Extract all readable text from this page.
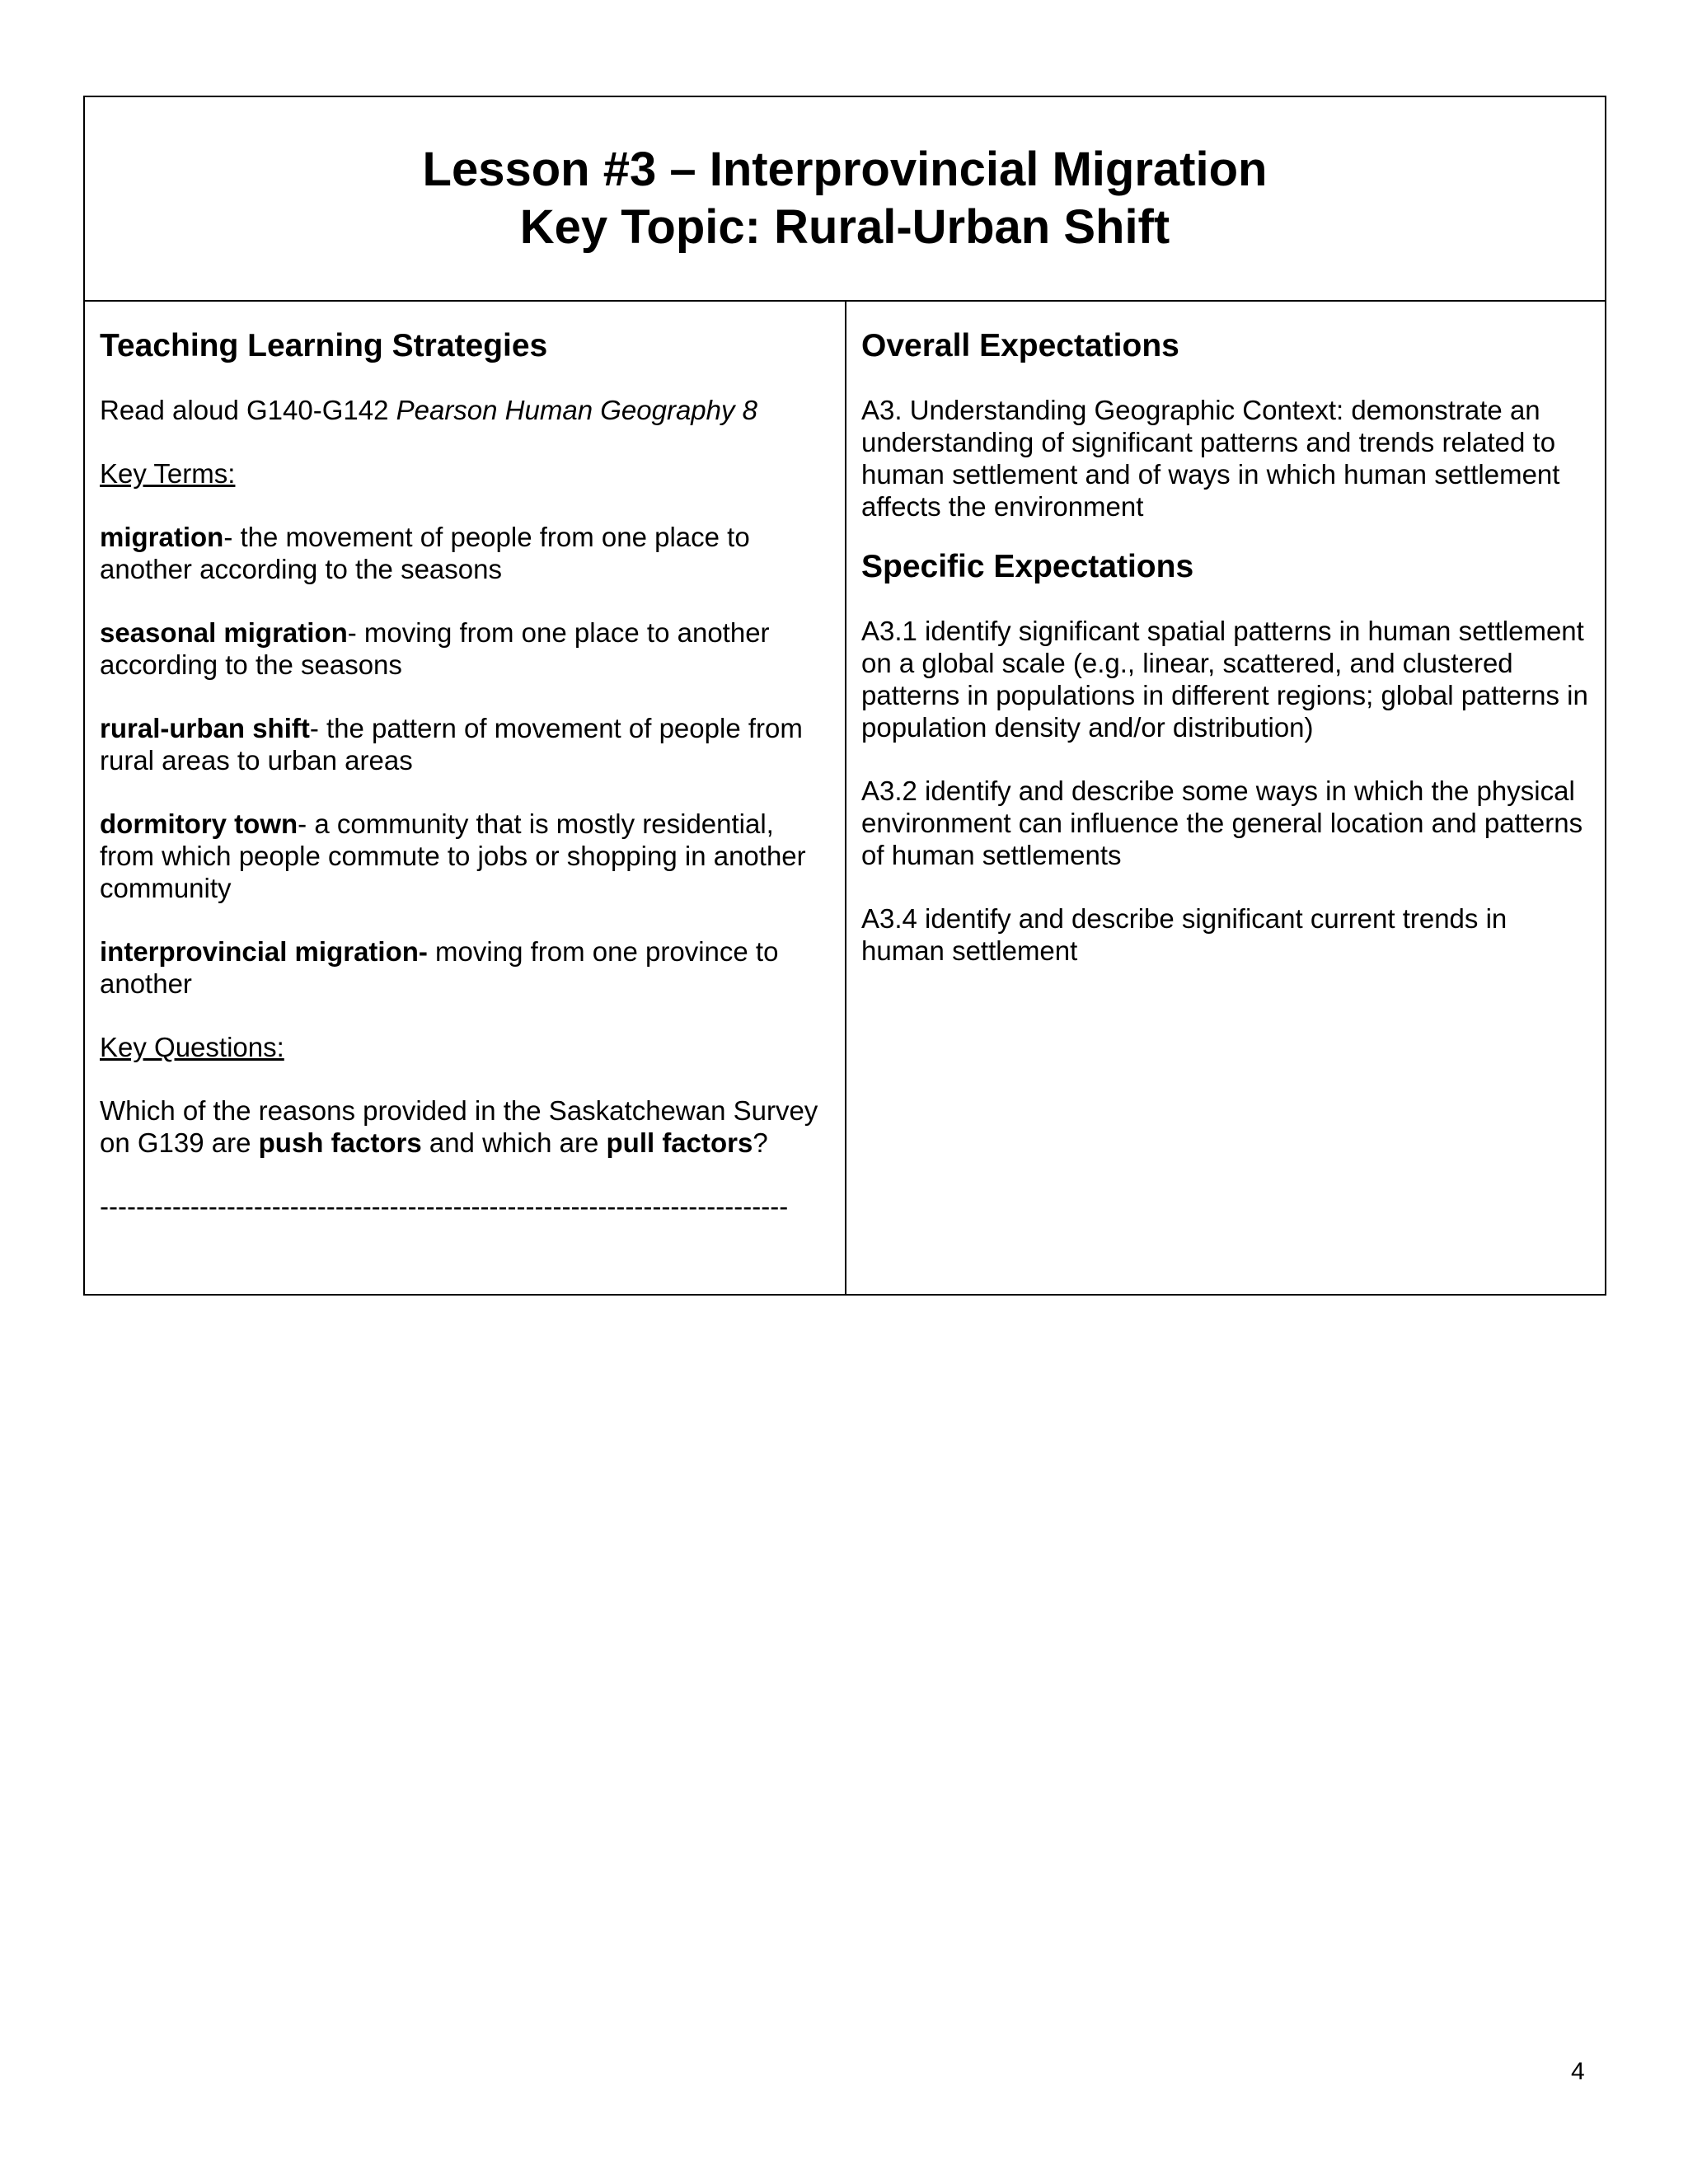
Lesson #3 – Interprovincial Migration
Key Topic: Rural-Urban Shift
Teaching Learning Strategies

Read aloud G140-G142 Pearson Human Geography 8

Key Terms:

migration- the movement of people from one place to another according to the seasons

seasonal migration- moving from one place to another according to the seasons

rural-urban shift- the pattern of movement of people from rural areas to urban areas

dormitory town- a community that is mostly residential, from which people commute to jobs or shopping in another community

interprovincial migration- moving from one province to another

Key Questions:

Which of the reasons provided in the Saskatchewan Survey on G139 are push factors and which are pull factors?

----------------------------------------------------------------------------

Overall Expectations

A3. Understanding Geographic Context: demonstrate an understanding of significant patterns and trends related to human settlement and of ways in which human settlement affects the environment

Specific Expectations

A3.1 identify significant spatial patterns in human settlement on a global scale (e.g., linear, scattered, and clustered patterns in populations in different regions; global patterns in population density and/or distribution)

A3.2 identify and describe some ways in which the physical environment can influence the general location and patterns of human settlements

A3.4 identify and describe significant current trends in human settlement

4
